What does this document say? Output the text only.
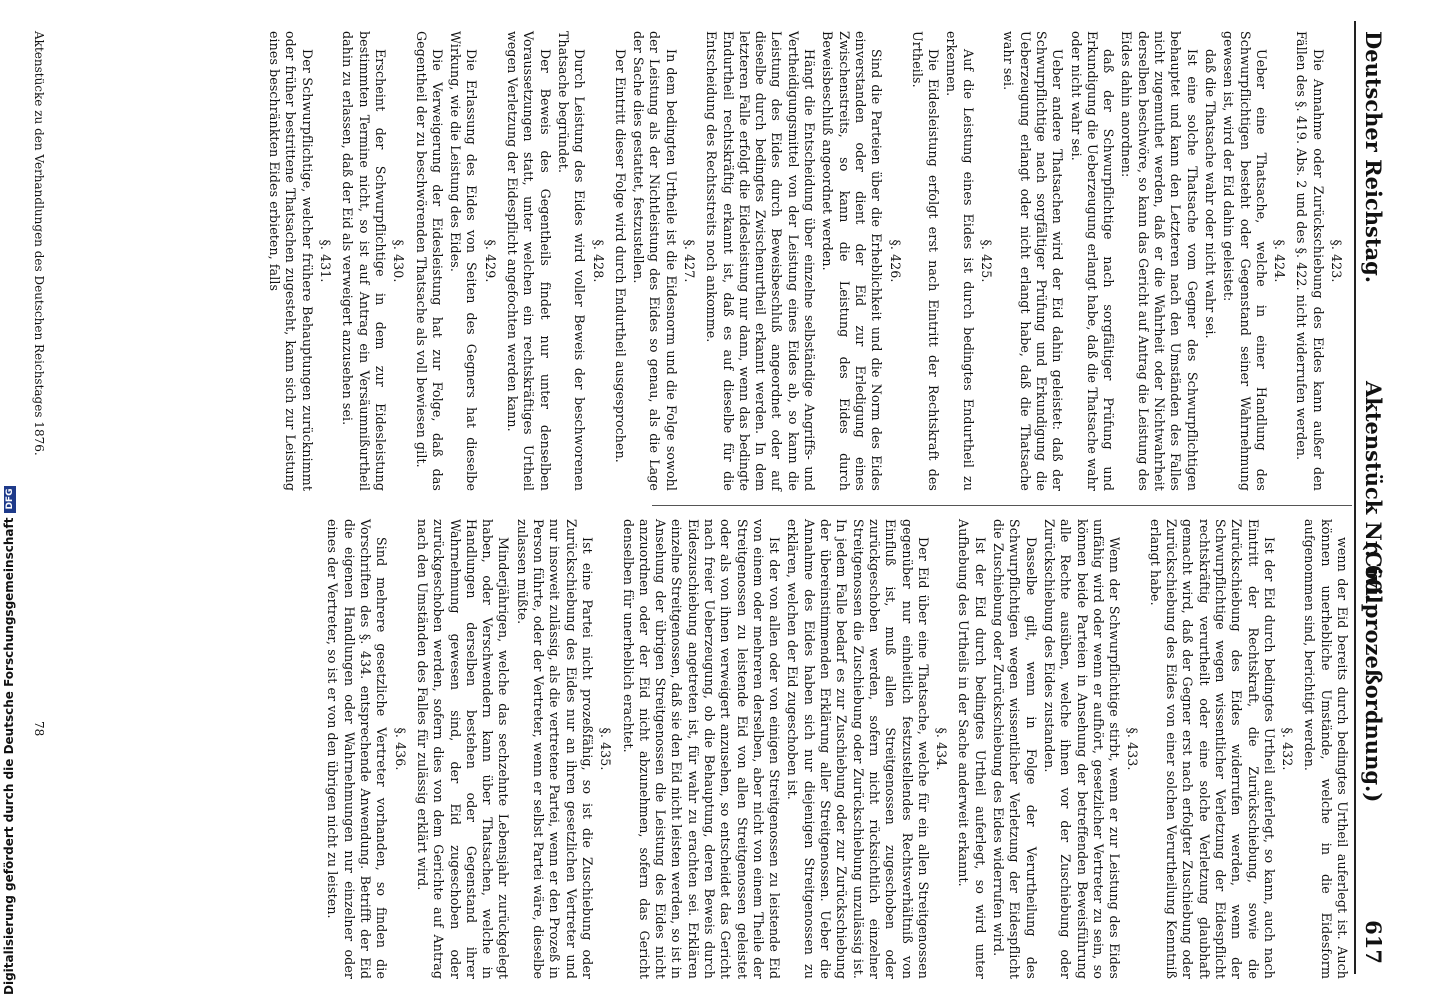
Deutscher Reichstag.
Aktenstück Nr. 60.
(Civilprozeßordnung.)
617

§. 423.

Die Annahme oder Zurückschiebung des Eides kann außer den Fällen des §. 419. Abs. 2 und des §. 422. nicht widerrufen werden.

§. 424.

Ueber eine Thatsache, welche in einer Handlung des Schwurpflichtigen besteht oder Gegenstand seiner Wahrnehmung gewesen ist, wird der Eid dahin geleistet:

daß die Thatsache wahr oder nicht wahr sei.

Ist eine solche Thatsache vom Gegner des Schwurpflichtigen behauptet und kann den Letzteren nach den Umständen des Falles nicht zugemuthet werden, daß er die Wahrheit oder Nichtwahrheit derselben beschwöre, so kann das Gericht auf Antrag die Leistung des Eides dahin anordnen:

daß der Schwurpflichtige nach sorgfältiger Prüfung und Erkundigung die Ueberzeugung erlangt habe, daß die Thatsache wahr oder nicht wahr sei.

Ueber andere Thatsachen wird der Eid dahin geleistet: daß der Schwurpflichtige nach sorgfältiger Prüfung und Erkundigung die Ueberzeugung erlangt oder nicht erlangt habe, daß die Thatsache wahr sei.

§. 425.

Auf die Leistung eines Eides ist durch bedingtes Endurtheil zu erkennen.

Die Eidesleistung erfolgt erst nach Eintritt der Rechtskraft des Urtheils.

§. 426.

Sind die Parteien über die Erheblichkeit und die Norm des Eides einverstanden oder dient der Eid zur Erledigung eines Zwischenstreits, so kann die Leistung des Eides durch Beweisbeschluß angeordnet werden.

Hängt die Entscheidung über einzelne selbständige Angriffs- und Vertheidigungsmittel von der Leistung eines Eides ab, so kann die Leistung des Eides durch Beweisbeschluß angeordnet oder auf dieselbe durch bedingtes Zwischenurtheil erkannt werden. In dem letzteren Falle erfolgt die Eidesleistung nur dann, wenn das bedingte Endurtheil rechtskräftig erkannt ist, daß es auf dieselbe für die Entscheidung des Rechtsstreits noch ankomme.

§. 427.

In dem bedingten Urtheile ist die Eidesnorm und die Folge sowohl der Leistung als der Nichtleistung des Eides so genau, als die Lage der Sache dies gestattet, festzustellen.

Der Eintritt dieser Folge wird durch Endurtheil ausgesprochen.

§. 428.

Durch Leistung des Eides wird voller Beweis der beschworenen Thatsache begründet.

Der Beweis des Gegentheils findet nur unter denselben Voraussetzungen statt, unter welchen ein rechtskräftiges Urtheil wegen Verletzung der Eidespflicht angefochten werden kann.

§. 429.

Die Erlassung des Eides von Seiten des Gegners hat dieselbe Wirkung, wie die Leistung des Eides.

Die Verweigerung der Eidesleistung hat zur Folge, daß das Gegentheil der zu beschwörenden Thatsache als voll bewiesen gilt.

§. 430.

Erscheint der Schwurpflichtige in dem zur Eidesleistung bestimmten Termine nicht, so ist auf Antrag ein Versäumnißurtheil dahin zu erlassen, daß der Eid als verweigert anzusehen sei.

§. 431.

Der Schwurpflichtige, welcher frühere Behauptungen zurücknimmt oder früher bestrittene Thatsachen zugesteht, kann sich zur Leistung eines beschränkten Eides erbieten, falls

wenn der Eid bereits durch bedingtes Urtheil auferlegt ist. Auch können unerhebliche Umstände, welche in die Eidesform aufgenommen sind, berichtigt werden.

§. 432.

Ist der Eid durch bedingtes Urtheil auferlegt, so kann, auch nach Eintritt der Rechtskraft, die Zurückschiebung, sowie die Zurückschiebung des Eides widerrufen werden, wenn der Schwurpflichtige wegen wissentlicher Verletzung der Eidespflicht rechtskräftig verurtheilt oder eine solche Verletzung glaubhaft gemacht wird, daß der Gegner erst nach erfolgter Zuschiebung oder Zurückschiebung des Eides von einer solchen Verurtheilung Kenntniß erlangt habe.

§. 433.

Wenn der Schwurpflichtige stirbt, wenn er zur Leistung des Eides unfähig wird oder wenn er aufhört, gesetzlicher Vertreter zu sein, so können beide Parteien in Ansehung der betreffenden Beweisführung alle Rechte ausüben, welche ihnen vor der Zuschiebung oder Zurückschiebung des Eides zustanden.

Dasselbe gilt, wenn in Folge der Verurtheilung des Schwurpflichtigen wegen wissentlicher Verletzung der Eidespflicht die Zuschiebung oder Zurückschiebung des Eides widerrufen wird.

Ist der Eid durch bedingtes Urtheil auferlegt, so wird unter Aufhebung des Urtheils in der Sache anderweit erkannt.

§. 434.

Der Eid über eine Thatsache, welche für ein allen Streitgenossen gegenüber nur einheitlich festzustellendes Rechtsverhältniß von Einfluß ist, muß allen Streitgenossen zugeschoben oder zurückgeschoben werden, sofern nicht rücksichtlich einzelner Streitgenossen die Zuschiebung oder Zurückschiebung unzulässig ist. In jedem Falle bedarf es zur Zuschiebung oder zur Zurückschiebung der übereinstimmenden Erklärung aller Streitgenossen. Ueber die Annahme des Eides haben sich nur diejenigen Streitgenossen zu erklären, welchen der Eid zugeschoben ist.

Ist der von allen oder von einigen Streitgenossen zu leistende Eid von einem oder mehreren derselben, aber nicht von einem Theile der Streitgenossen zu leistende Eid von allen Streitgenossen geleistet oder als von ihnen verweigert anzusehen, so entscheidet das Gericht nach freier Ueberzeugung, ob die Behauptung, deren Beweis durch Eideszuschiebung angetreten ist, für wahr zu erachten sei. Erklären einzelne Streitgenossen, daß sie den Eid nicht leisten werden, so ist in Ansehung der übrigen Streitgenossen die Leistung des Eides nicht anzuordnen oder der Eid nicht abzunehmen, sofern das Gericht denselben für unerheblich erachtet.

§. 435.

Ist eine Partei nicht prozeßfähig, so ist die Zuschiebung oder Zurückschiebung des Eides nur an ihren gesetzlichen Vertreter und nur insoweit zulässig, als die vertretene Partei, wenn er den Prozeß in Person führte, oder der Vertreter, wenn er selbst Partei wäre, dieselbe zulassen müßte.

Minderjährigen, welche das sechzehnte Lebensjahr zurückgelegt haben, oder Verschwendern kann über Thatsachen, welche in Handlungen derselben bestehen oder Gegenstand ihrer Wahrnehmung gewesen sind, der Eid zugeschoben oder zurückgeschoben werden, sofern dies von dem Gerichte auf Antrag nach den Umständen des Falles für zulässig erklärt wird.

§. 436.

Sind mehrere gesetzliche Vertreter vorhanden, so finden die Vorschriften des §. 434. entsprechende Anwendung. Betrifft der Eid die eigenen Handlungen oder Wahrnehmungen nur einzelner oder eines der Vertreter, so ist er von den übrigen nicht zu leisten.

Aktenstücke zu den Verhandlungen des Deutschen Reichstages 1876.
78
Digitalisierung gefördert durch die Deutsche ForschungsgemeinschaftDFG
